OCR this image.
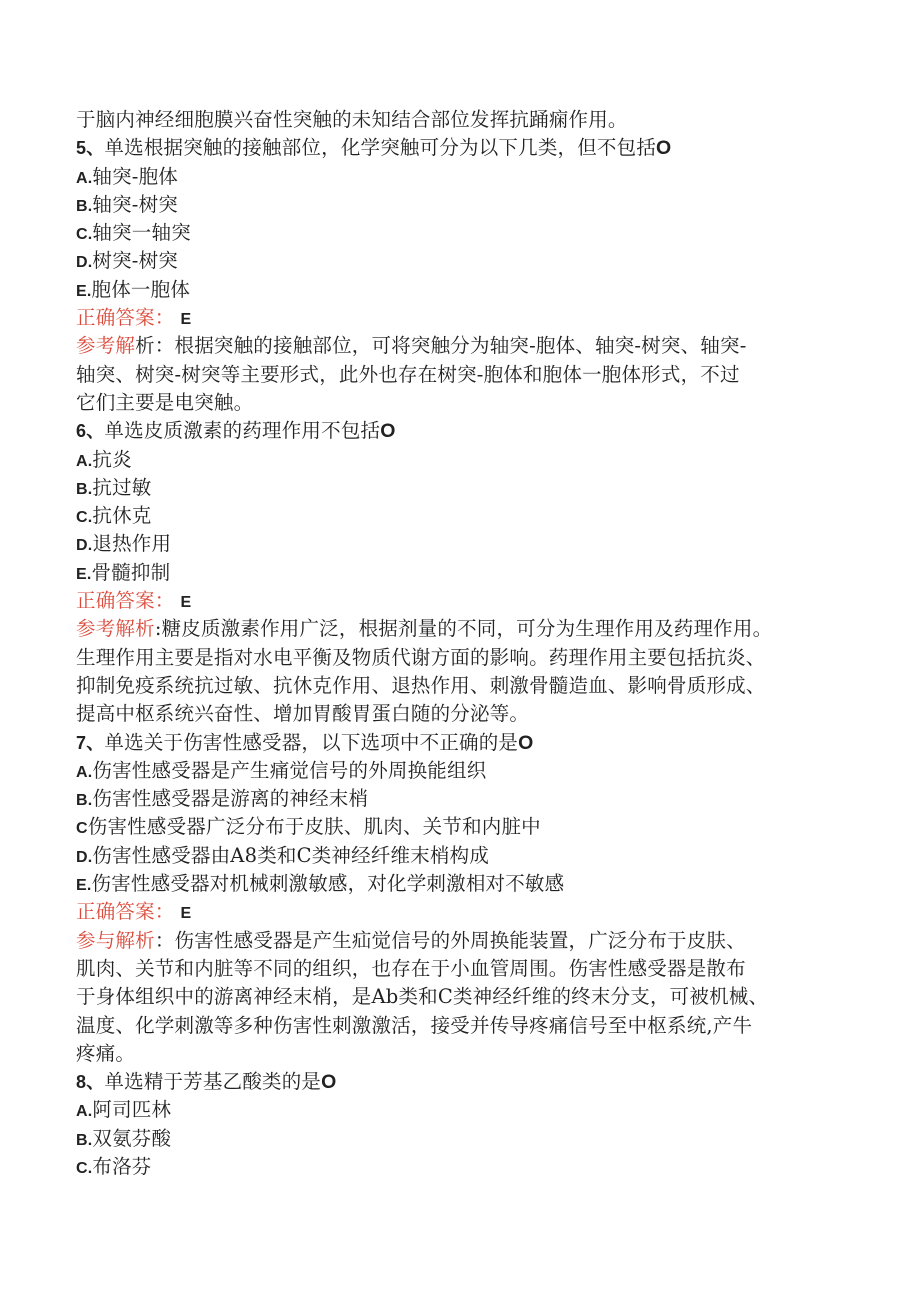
于脑内神经细胞膜兴奋性突触的未知结合部位发挥抗踊痫作用。
5、单选根据突触的接触部位，化学突触可分为以下几类，但不包括O
A.轴突-胞体
B.轴突-树突
C.轴突一轴突
D.树突-树突
E.胞体一胞体
正确答案： E
参考解析：根据突触的接触部位，可将突触分为轴突-胞体、轴突-树突、轴突-
轴突、树突-树突等主要形式，此外也存在树突-胞体和胞体一胞体形式，不过
它们主要是电突触。
6、单选皮质激素的药理作用不包括O
A.抗炎
B.抗过敏
C.抗休克
D.退热作用
E.骨髓抑制
正确答案： E
参考解析:糖皮质激素作用广泛，根据剂量的不同，可分为生理作用及药理作用。
生理作用主要是指对水电平衡及物质代谢方面的影响。药理作用主要包括抗炎、
抑制免疫系统抗过敏、抗休克作用、退热作用、刺激骨髓造血、影响骨质形成、
提高中枢系统兴奋性、增加胃酸胃蛋白随的分泌等。
7、单选关于伤害性感受器，以下选项中不正确的是O
A.伤害性感受器是产生痛觉信号的外周换能组织
B.伤害性感受器是游离的神经末梢
C伤害性感受器广泛分布于皮肤、肌肉、关节和内脏中
D.伤害性感受器由A8类和C类神经纤维末梢构成
E.伤害性感受器对机械刺激敏感，对化学刺激相对不敏感
正确答案： E
参与解析：伤害性感受器是产生疝觉信号的外周换能装置，广泛分布于皮肤、
肌肉、关节和内脏等不同的组织，也存在于小血管周围。伤害性感受器是散布
于身体组织中的游离神经末梢，是Ab类和C类神经纤维的终末分支，可被机械、
温度、化学刺激等多种伤害性刺激激活，接受并传导疼痛信号至中枢系统,产牛
疼痛。
8、单选精于芳基乙酸类的是O
A.阿司匹林
B.双氨芬酸
C.布洛芬
